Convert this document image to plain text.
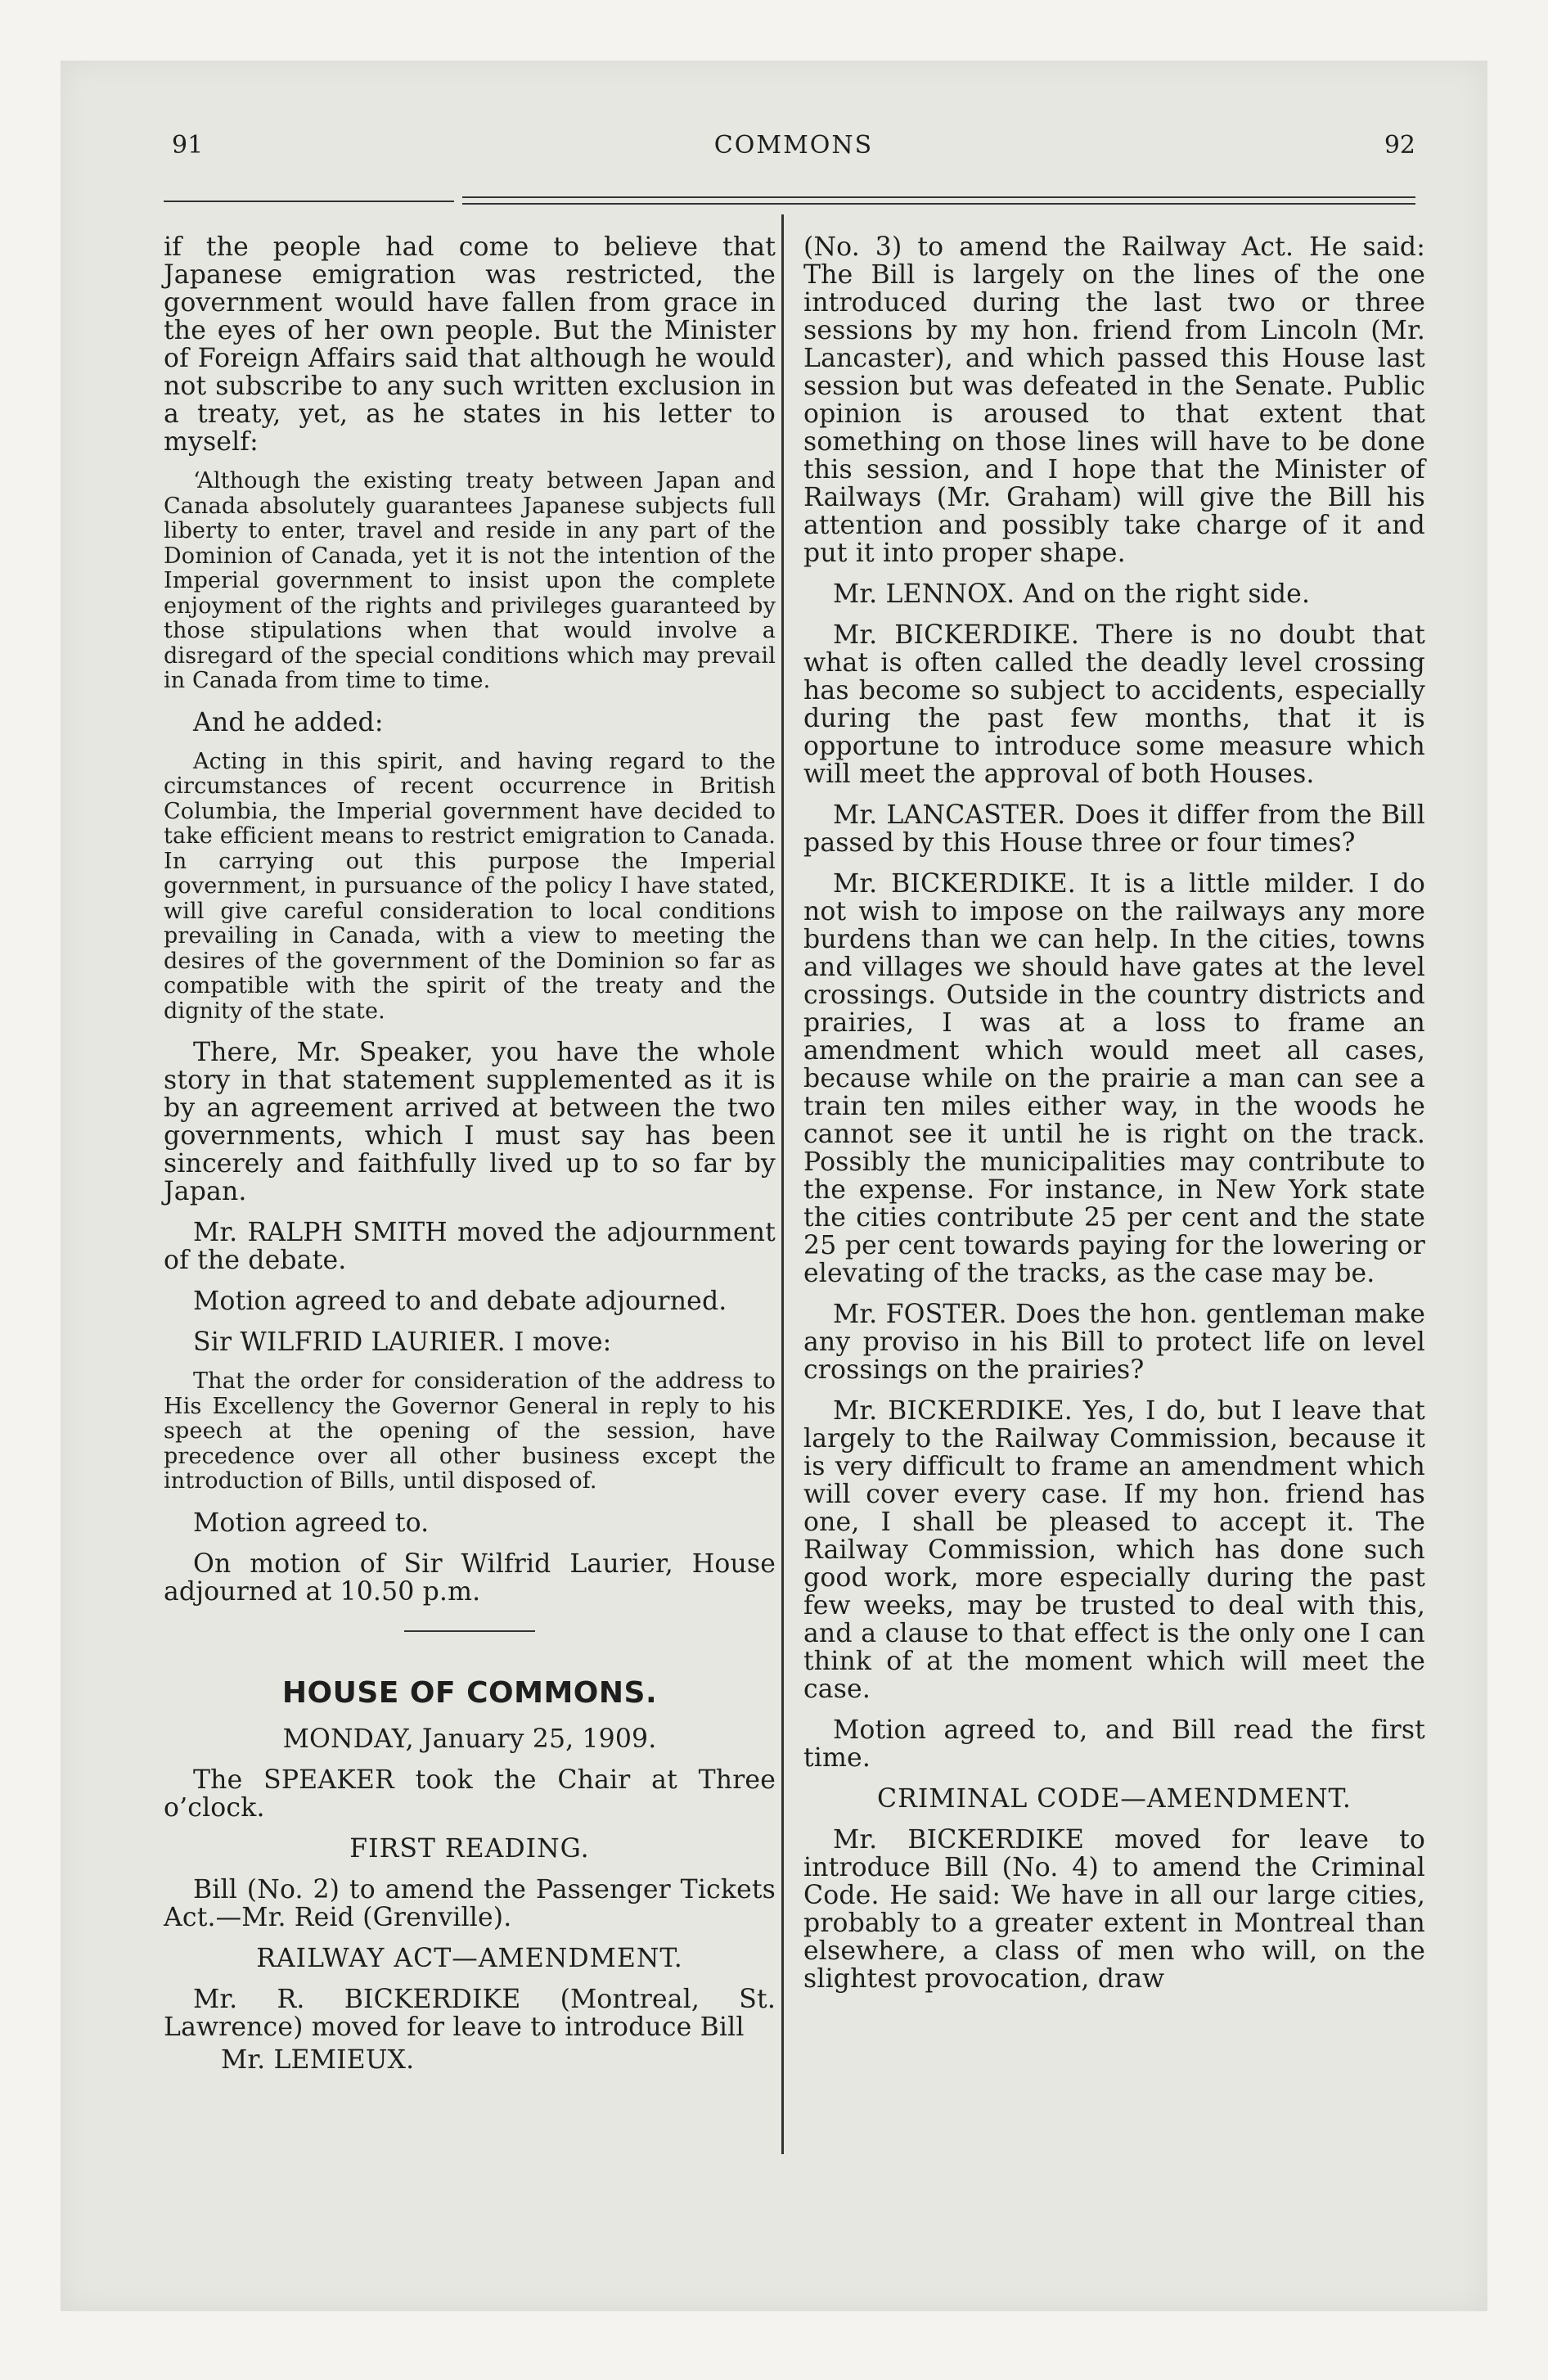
91	COMMONS	92

if the people had come to believe that Japanese emigration was restricted, the government would have fallen from grace in the eyes of her own people. But the Minister of Foreign Affairs said that although he would not subscribe to any such written exclusion in a treaty, yet, as he states in his letter to myself:

‘Although the existing treaty between Japan and Canada absolutely guarantees Japanese subjects full liberty to enter, travel and reside in any part of the Dominion of Canada, yet it is not the intention of the Imperial government to insist upon the complete enjoyment of the rights and privileges guaranteed by those stipulations when that would involve a disregard of the special conditions which may prevail in Canada from time to time.

And he added:

Acting in this spirit, and having regard to the circumstances of recent occurrence in British Columbia, the Imperial government have decided to take efficient means to restrict emigration to Canada. In carrying out this purpose the Imperial government, in pursuance of the policy I have stated, will give careful consideration to local conditions prevailing in Canada, with a view to meeting the desires of the government of the Dominion so far as compatible with the spirit of the treaty and the dignity of the state.

There, Mr. Speaker, you have the whole story in that statement supplemented as it is by an agreement arrived at between the two governments, which I must say has been sincerely and faithfully lived up to so far by Japan.

Mr. RALPH SMITH moved the adjournment of the debate.

Motion agreed to and debate adjourned.

Sir WILFRID LAURIER. I move:

That the order for consideration of the address to His Excellency the Governor General in reply to his speech at the opening of the session, have precedence over all other business except the introduction of Bills, until disposed of.

Motion agreed to.

On motion of Sir Wilfrid Laurier, House adjourned at 10.50 p.m.

HOUSE OF COMMONS.
MONDAY, January 25, 1909.

The SPEAKER took the Chair at Three o’clock.

FIRST READING.

Bill (No. 2) to amend the Passenger Tickets Act.—Mr. Reid (Grenville).

RAILWAY ACT—AMENDMENT.

Mr. R. BICKERDIKE (Montreal, St. Lawrence) moved for leave to introduce Bill

Mr. LEMIEUX.

(No. 3) to amend the Railway Act. He said: The Bill is largely on the lines of the one introduced during the last two or three sessions by my hon. friend from Lincoln (Mr. Lancaster), and which passed this House last session but was defeated in the Senate. Public opinion is aroused to that extent that something on those lines will have to be done this session, and I hope that the Minister of Railways (Mr. Graham) will give the Bill his attention and possibly take charge of it and put it into proper shape.

Mr. LENNOX. And on the right side.

Mr. BICKERDIKE. There is no doubt that what is often called the deadly level crossing has become so subject to accidents, especially during the past few months, that it is opportune to introduce some measure which will meet the approval of both Houses.

Mr. LANCASTER. Does it differ from the Bill passed by this House three or four times?

Mr. BICKERDIKE. It is a little milder. I do not wish to impose on the railways any more burdens than we can help. In the cities, towns and villages we should have gates at the level crossings. Outside in the country districts and prairies, I was at a loss to frame an amendment which would meet all cases, because while on the prairie a man can see a train ten miles either way, in the woods he cannot see it until he is right on the track. Possibly the municipalities may contribute to the expense. For instance, in New York state the cities contribute 25 per cent and the state 25 per cent towards paying for the lowering or elevating of the tracks, as the case may be.

Mr. FOSTER. Does the hon. gentleman make any proviso in his Bill to protect life on level crossings on the prairies?

Mr. BICKERDIKE. Yes, I do, but I leave that largely to the Railway Commission, because it is very difficult to frame an amendment which will cover every case. If my hon. friend has one, I shall be pleased to accept it. The Railway Commission, which has done such good work, more especially during the past few weeks, may be trusted to deal with this, and a clause to that effect is the only one I can think of at the moment which will meet the case.

Motion agreed to, and Bill read the first time.

CRIMINAL CODE—AMENDMENT.

Mr. BICKERDIKE moved for leave to introduce Bill (No. 4) to amend the Criminal Code. He said: We have in all our large cities, probably to a greater extent in Montreal than elsewhere, a class of men who will, on the slightest provocation, draw
